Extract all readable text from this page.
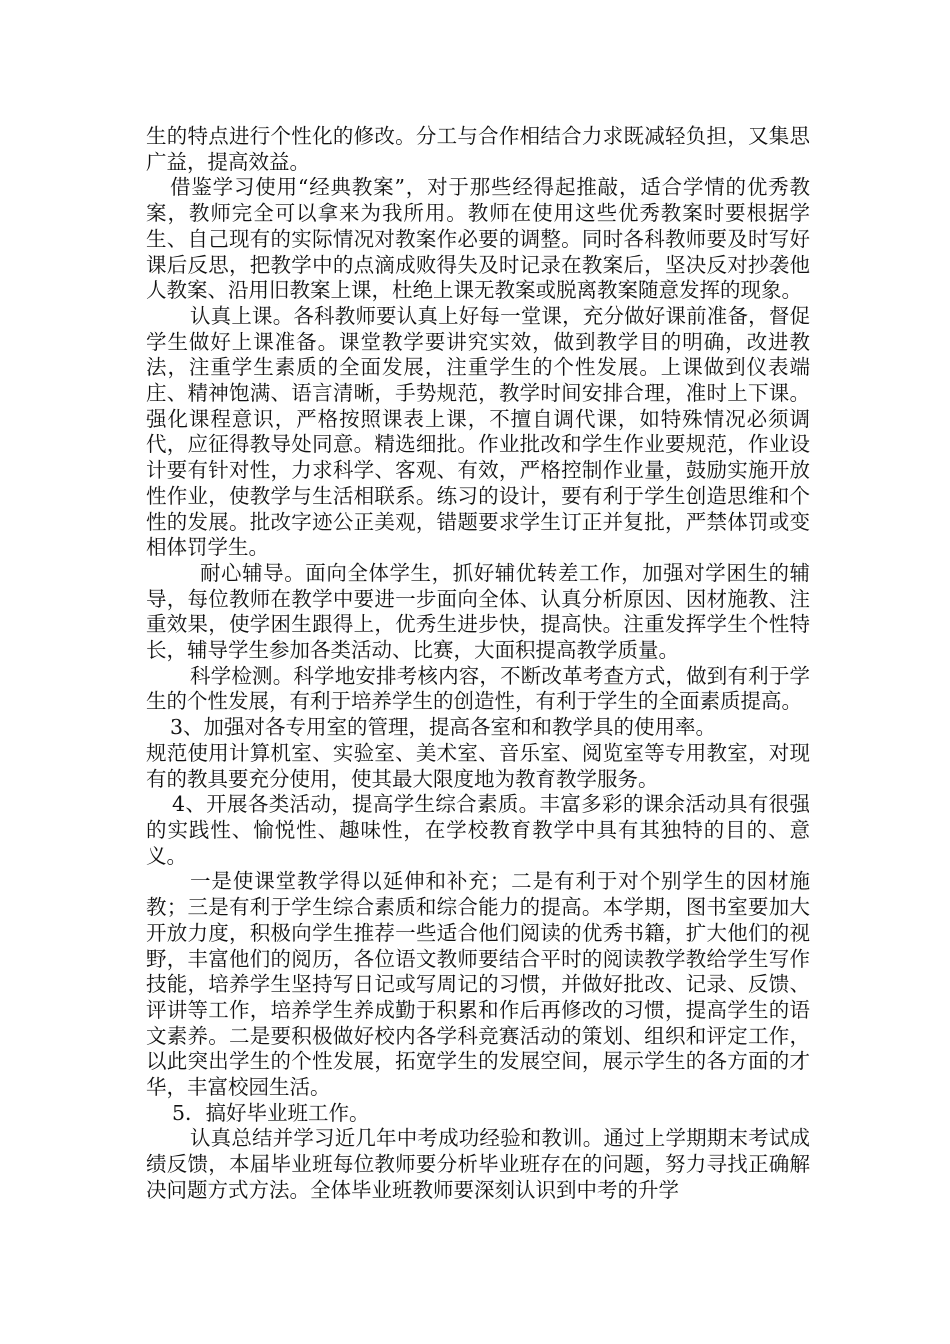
生的特点进行个性化的修改。分工与合作相结合力求既减轻负担，又集思广益，提高效益。

借鉴学习使用“经典教案”，对于那些经得起推敲，适合学情的优秀教案，教师完全可以拿来为我所用。教师在使用这些优秀教案时要根据学生、自己现有的实际情况对教案作必要的调整。同时各科教师要及时写好课后反思，把教学中的点滴成败得失及时记录在教案后，坚决反对抄袭他人教案、沿用旧教案上课，杜绝上课无教案或脱离教案随意发挥的现象。

认真上课。各科教师要认真上好每一堂课，充分做好课前准备，督促学生做好上课准备。课堂教学要讲究实效，做到教学目的明确，改进教法，注重学生素质的全面发展，注重学生的个性发展。上课做到仪表端庄、精神饱满、语言清晰，手势规范，教学时间安排合理，准时上下课。强化课程意识，严格按照课表上课，不擅自调代课，如特殊情况必须调代，应征得教导处同意。精选细批。作业批改和学生作业要规范，作业设计要有针对性，力求科学、客观、有效，严格控制作业量，鼓励实施开放性作业，使教学与生活相联系。练习的设计，要有利于学生创造思维和个性的发展。批改字迹公正美观，错题要求学生订正并复批，严禁体罚或变相体罚学生。

耐心辅导。面向全体学生，抓好辅优转差工作，加强对学困生的辅导，每位教师在教学中要进一步面向全体、认真分析原因、因材施教、注重效果，使学困生跟得上，优秀生进步快，提高快。注重发挥学生个性特长，辅导学生参加各类活动、比赛，大面积提高教学质量。

科学检测。科学地安排考核内容，不断改革考查方式，做到有利于学生的个性发展，有利于培养学生的创造性，有利于学生的全面素质提高。

3、加强对各专用室的管理，提高各室和和教学具的使用率。

规范使用计算机室、实验室、美术室、音乐室、阅览室等专用教室，对现有的教具要充分使用，使其最大限度地为教育教学服务。

4、开展各类活动，提高学生综合素质。丰富多彩的课余活动具有很强的实践性、愉悦性、趣味性，在学校教育教学中具有其独特的目的、意义。

一是使课堂教学得以延伸和补充；二是有利于对个别学生的因材施教；三是有利于学生综合素质和综合能力的提高。本学期，图书室要加大开放力度，积极向学生推荐一些适合他们阅读的优秀书籍，扩大他们的视野，丰富他们的阅历，各位语文教师要结合平时的阅读教学教给学生写作技能，培养学生坚持写日记或写周记的习惯，并做好批改、记录、反馈、评讲等工作，培养学生养成勤于积累和作后再修改的习惯，提高学生的语文素养。二是要积极做好校内各学科竞赛活动的策划、组织和评定工作，以此突出学生的个性发展，拓宽学生的发展空间，展示学生的各方面的才华，丰富校园生活。

5．搞好毕业班工作。

认真总结并学习近几年中考成功经验和教训。通过上学期期末考试成绩反馈，本届毕业班每位教师要分析毕业班存在的问题，努力寻找正确解决问题方式方法。全体毕业班教师要深刻认识到中考的升学
